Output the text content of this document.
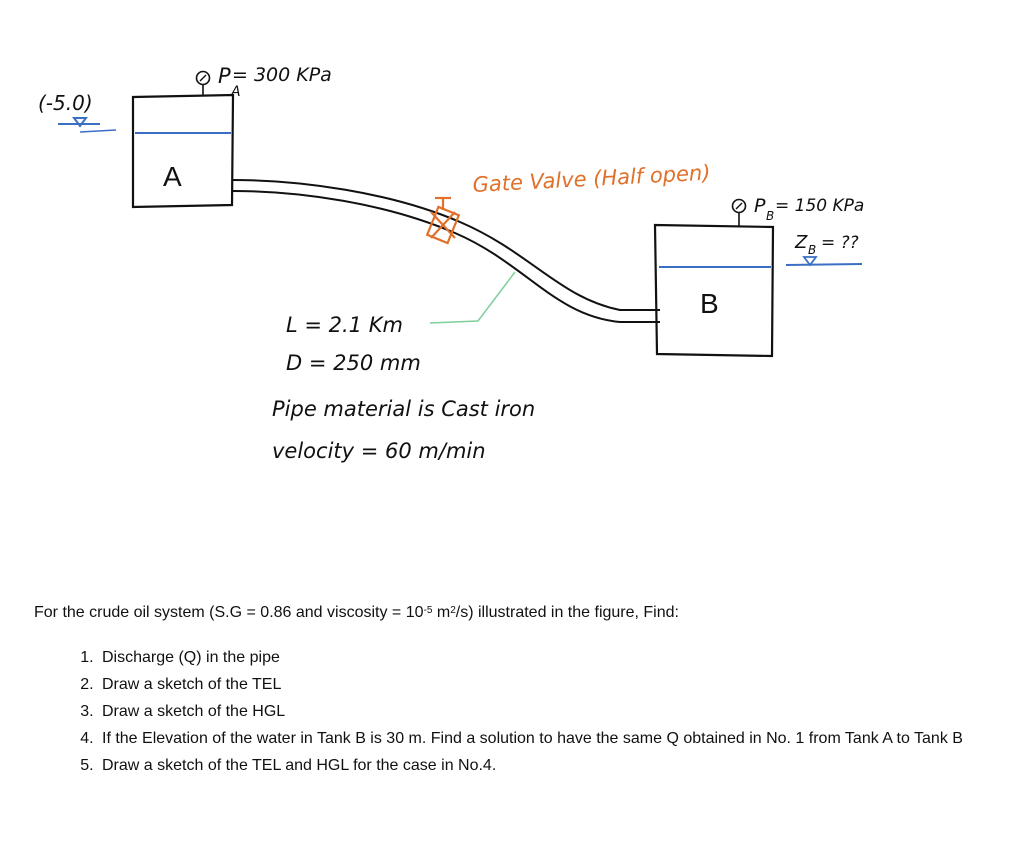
A
(-5.0)
P
A
= 300 KPa
Gate Valve (Half open)
B
P B = 150 KPa
Z B = ??
L = 2.1 Km
D = 250 mm
Pipe material is Cast iron
velocity = 60 m/min

For the crude oil system (S.G = 0.86 and viscosity = $10^{-5}$ $m^2/s$) illustrated in the figure, Find:

1. Discharge (Q) in the pipe
2. Draw a sketch of the TEL
3. Draw a sketch of the HGL
4. If the Elevation of the water in Tank B is 30 m. Find a solution to have the same Q obtained in No. 1 from Tank A to Tank B
5. Draw a sketch of the TEL and HGL for the case in No.4.
